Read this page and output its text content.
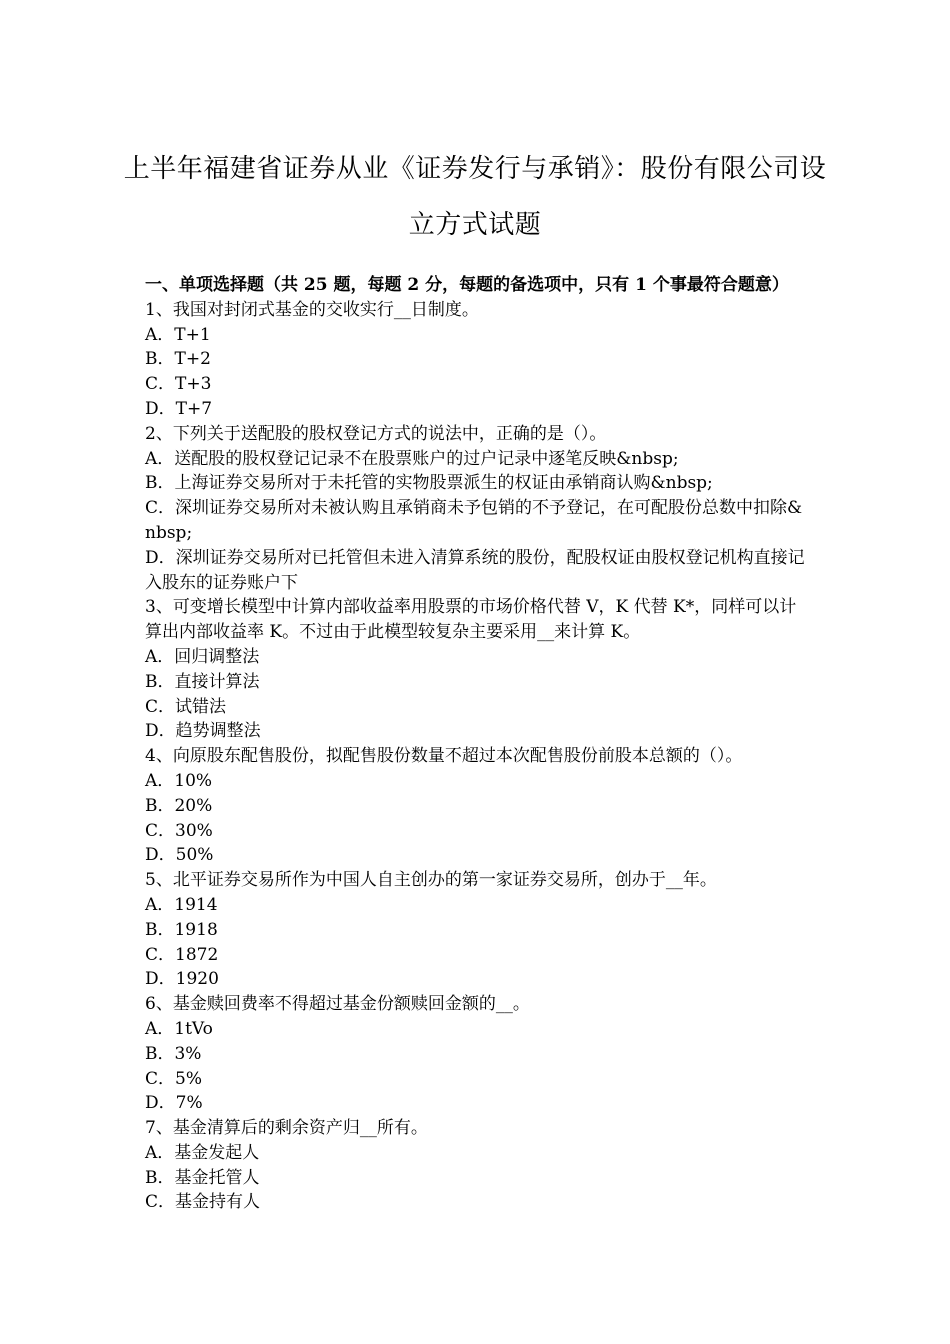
上半年福建省证券从业《证券发行与承销》：股份有限公司设
立方式试题
一、单项选择题（共 25 题，每题 2 分，每题的备选项中，只有 1 个事最符合题意）
1、我国对封闭式基金的交收实行__日制度。
A．T+1
B．T+2
C．T+3
D．T+7
2、下列关于送配股的股权登记方式的说法中，正确的是（）。
A．送配股的股权登记记录不在股票账户的过户记录中逐笔反映&nbsp;
B．上海证券交易所对于未托管的实物股票派生的权证由承销商认购&nbsp;
C．深圳证券交易所对未被认购且承销商未予包销的不予登记，在可配股份总数中扣除&nbsp;
D．深圳证券交易所对已托管但未进入清算系统的股份，配股权证由股权登记机构直接记入股东的证券账户下
3、可变增长模型中计算内部收益率用股票的市场价格代替 V，K 代替 K*，同样可以计算出内部收益率 K。不过由于此模型较复杂主要采用__来计算 K。
A．回归调整法
B．直接计算法
C．试错法
D．趋势调整法
4、向原股东配售股份，拟配售股份数量不超过本次配售股份前股本总额的（）。
A．10%
B．20%
C．30%
D．50%
5、北平证券交易所作为中国人自主创办的第一家证券交易所，创办于__年。
A．1914
B．1918
C．1872
D．1920
6、基金赎回费率不得超过基金份额赎回金额的__。
A．1tVo
B．3%
C．5%
D．7%
7、基金清算后的剩余资产归__所有。
A．基金发起人
B．基金托管人
C．基金持有人
